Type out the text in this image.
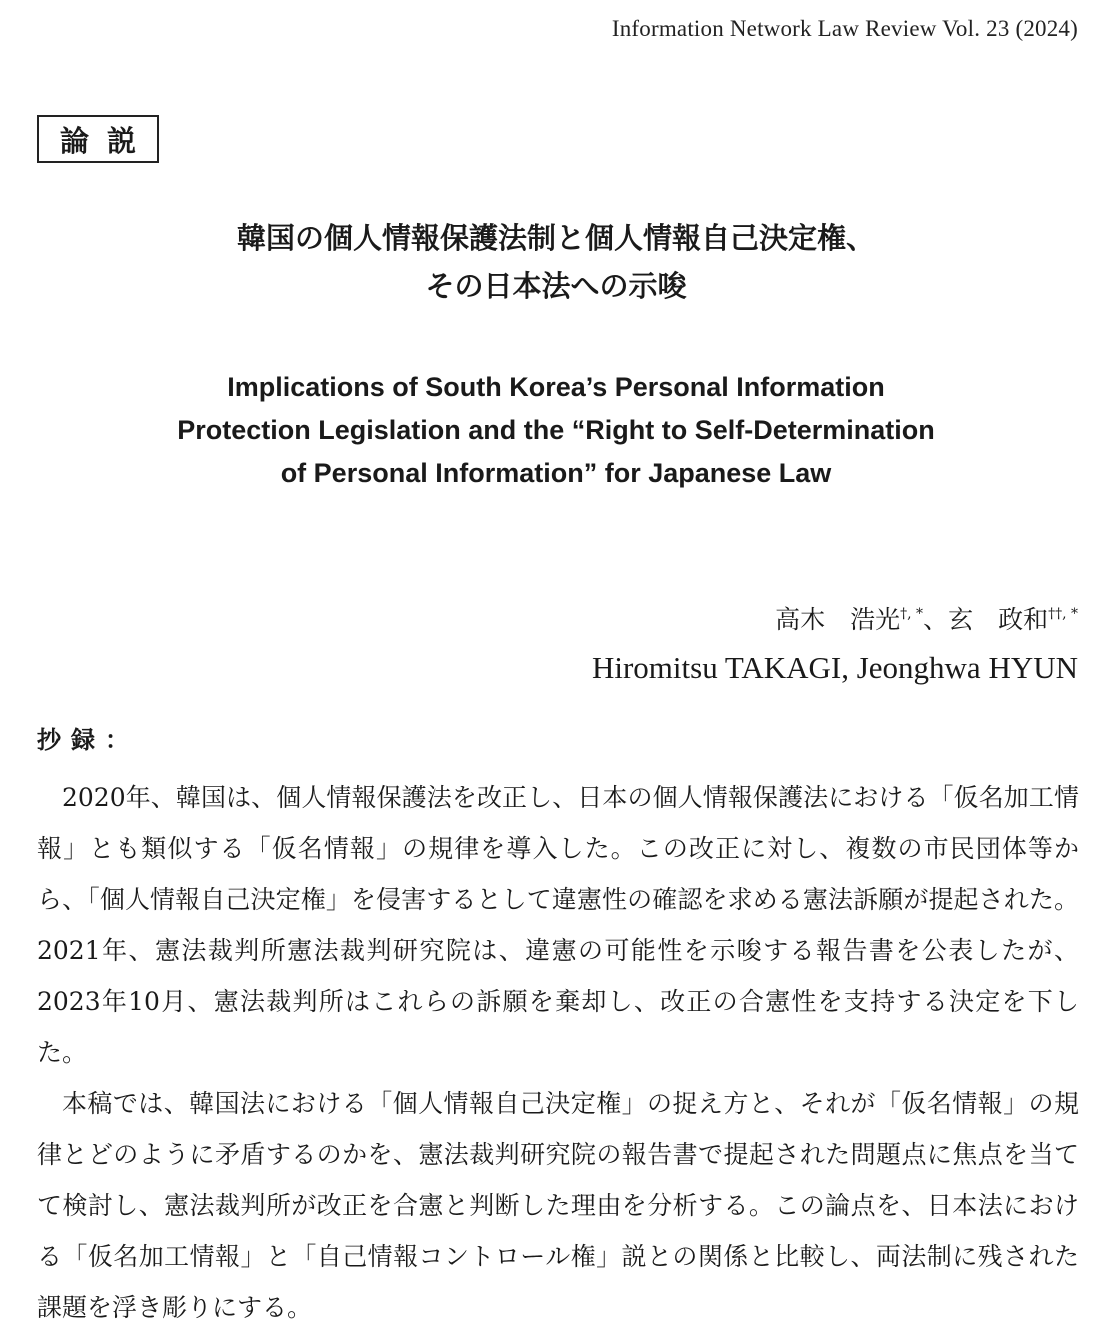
Information Network Law Review Vol. 23 (2024)
論説
韓国の個人情報保護法制と個人情報自己決定権、
その日本法への示唆
Implications of South Korea’s Personal Information
Protection Legislation and the “Right to Self-Determination
of Personal Information” for Japanese Law
高木　浩光†, *、玄　政和††, *
Hiromitsu TAKAGI, Jeonghwa HYUN
抄録：

2020年、韓国は、個人情報保護法を改正し、日本の個人情報保護法における「仮名加工情報」とも類似する「仮名情報」の規律を導入した。この改正に対し、複数の市民団体等から、「個人情報自己決定権」を侵害するとして違憲性の確認を求める憲法訴願が提起された。2021年、憲法裁判所憲法裁判研究院は、違憲の可能性を示唆する報告書を公表したが、2023年10月、憲法裁判所はこれらの訴願を棄却し、改正の合憲性を支持する決定を下した。

本稿では、韓国法における「個人情報自己決定権」の捉え方と、それが「仮名情報」の規律とどのように矛盾するのかを、憲法裁判研究院の報告書で提起された問題点に焦点を当てて検討し、憲法裁判所が改正を合憲と判断した理由を分析する。この論点を、日本法における「仮名加工情報」と「自己情報コントロール権」説との関係と比較し、両法制に残された課題を浮き彫りにする。
